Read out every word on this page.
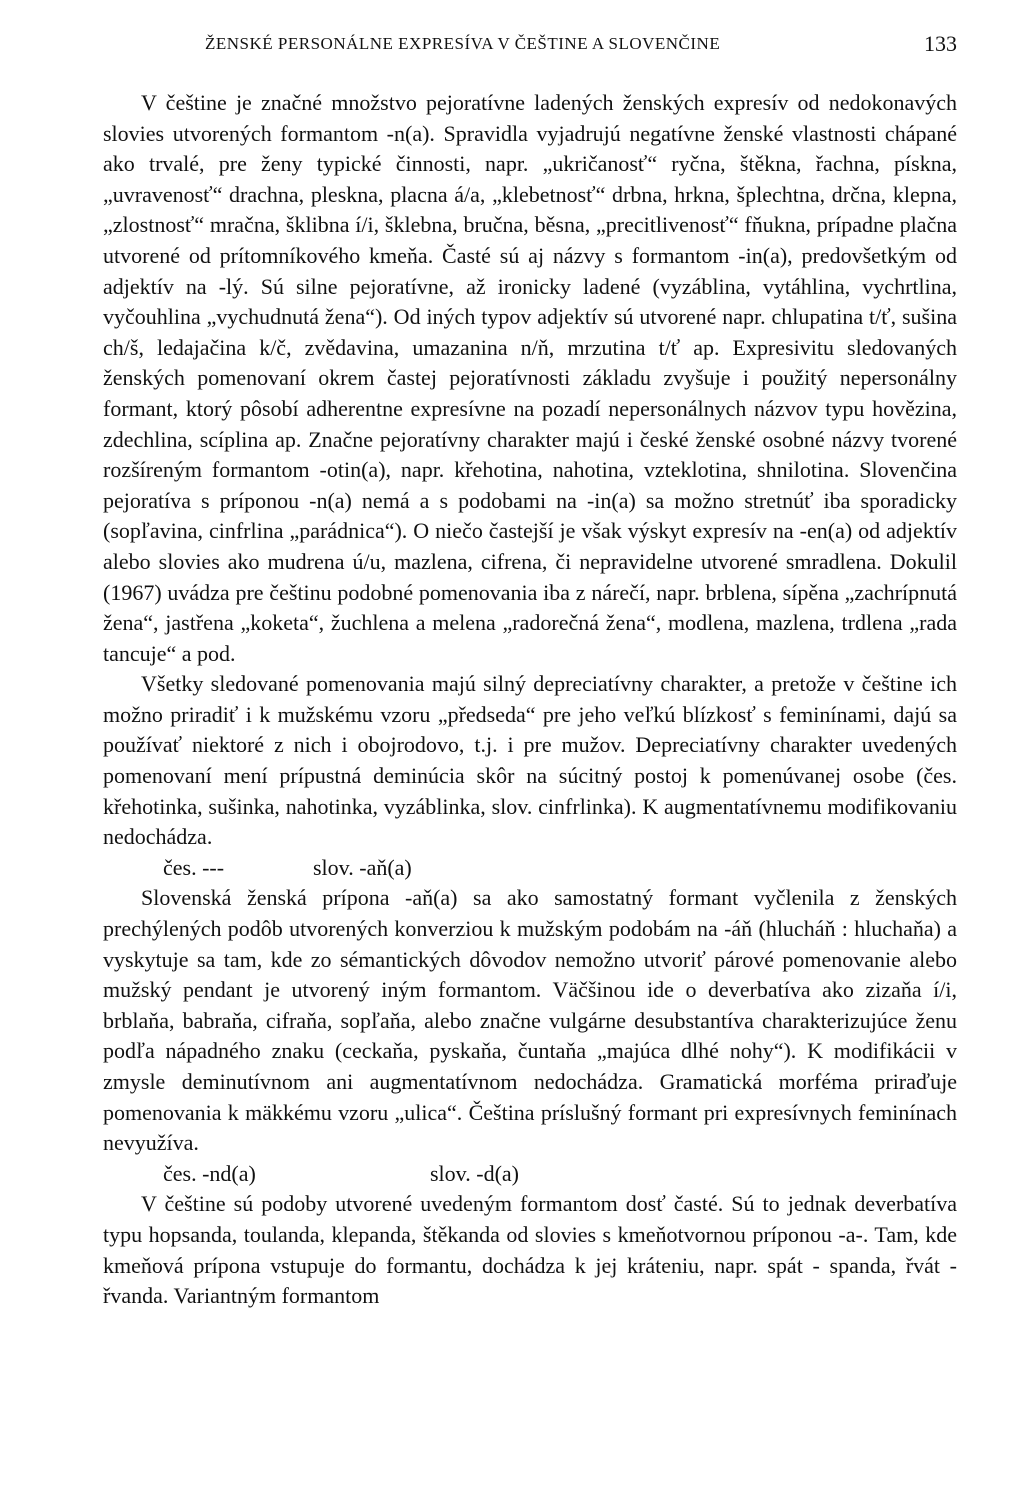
ŽENSKÉ PERSONÁLNE EXPRESÍVA V ČEŠTINE A SLOVENČINE	133

V češtine je značné množstvo pejoratívne ladených ženských expresív od nedokonavých slovies utvorených formantom -n(a). Spravidla vyjadrujú negatívne ženské vlastnosti chápané ako trvalé, pre ženy typické činnosti, napr. „ukričanosť“ ryčna, štěkna, řachna, pískna, „uvravenosť“ drachna, pleskna, placna á/a, „klebetnosť“ drbna, hrkna, šplechtna, drčna, klepna, „zlostnosť“ mračna, šklibna í/i, šklebna, bručna, běsna, „precitlivenosť“ fňukna, prípadne plačna utvorené od prítomníkového kmeňa. Časté sú aj názvy s formantom -in(a), predovšetkým od adjektív na -lý. Sú silne pejoratívne, až ironicky ladené (vyzáblina, vytáhlina, vychrtlina, vyčouhlina „vychudnutá žena“). Od iných typov adjektív sú utvorené napr. chlupatina t/ť, sušina ch/š, ledajačina k/č, zvědavina, umazanina n/ň, mrzutina t/ť ap. Expresivitu sledovaných ženských pomenovaní okrem častej pejoratívnosti základu zvyšuje i použitý nepersonálny formant, ktorý pôsobí adherentne expresívne na pozadí nepersonálnych názvov typu hovězina, zdechlina, scíplina ap. Značne pejoratívny charakter majú i české ženské osobné názvy tvorené rozšíreným formantom -otin(a), napr. křehotina, nahotina, vzteklotina, shnilotina. Slovenčina pejoratíva s príponou -n(a) nemá a s podobami na -in(a) sa možno stretnúť iba sporadicky (sopľavina, cinfrlina „parádnica“). O niečo častejší je však výskyt expresív na -en(a) od adjektív alebo slovies ako mudrena ú/u, mazlena, cifrena, či nepravidelne utvorené smradlena. Dokulil (1967) uvádza pre češtinu podobné pomenovania iba z nárečí, napr. brblena, sípěna „zachrípnutá žena“, jastřena „koketa“, žuchlena a melena „radorečná žena“, modlena, mazlena, trdlena „rada tancuje“ a pod.

Všetky sledované pomenovania majú silný depreciatívny charakter, a pretože v češtine ich možno priradiť i k mužskému vzoru „předseda“ pre jeho veľkú blízkosť s feminínami, dajú sa používať niektoré z nich i obojrodovo, t.j. i pre mužov. Depreciatívny charakter uvedených pomenovaní mení prípustná deminúcia skôr na súcitný postoj k pomenúvanej osobe (čes. křehotinka, sušinka, nahotinka, vyzáblinka, slov. cinfrlinka). K augmentatívnemu modifikovaniu nedochádza.

čes. ---	slov. -aň(a)

Slovenská ženská prípona -aň(a) sa ako samostatný formant vyčlenila z ženských prechýlených podôb utvorených konverziou k mužským podobám na -áň (hlucháň : hluchaňa) a vyskytuje sa tam, kde zo sémantických dôvodov nemožno utvoriť párové pomenovanie alebo mužský pendant je utvorený iným formantom. Väčšinou ide o deverbatíva ako zizaňa í/i, brblaňa, babraňa, cifraňa, sopľaňa, alebo značne vulgárne desubstantíva charakterizujúce ženu podľa nápadného znaku (ceckaňa, pyskaňa, čuntaňa „majúca dlhé nohy“). K modifikácii v zmysle deminutívnom ani augmentatívnom nedochádza. Gramatická morféma priraďuje pomenovania k mäkkému vzoru „ulica“. Čeština príslušný formant pri expresívnych feminínach nevyužíva.

čes. -nd(a)	slov. -d(a)

V češtine sú podoby utvorené uvedeným formantom dosť časté. Sú to jednak deverbatíva typu hopsanda, toulanda, klepanda, štěkanda od slovies s kmeňotvornou príponou -a-. Tam, kde kmeňová prípona vstupuje do formantu, dochádza k jej kráteniu, napr. spát - spanda, řvát - řvanda. Variantným formantom
